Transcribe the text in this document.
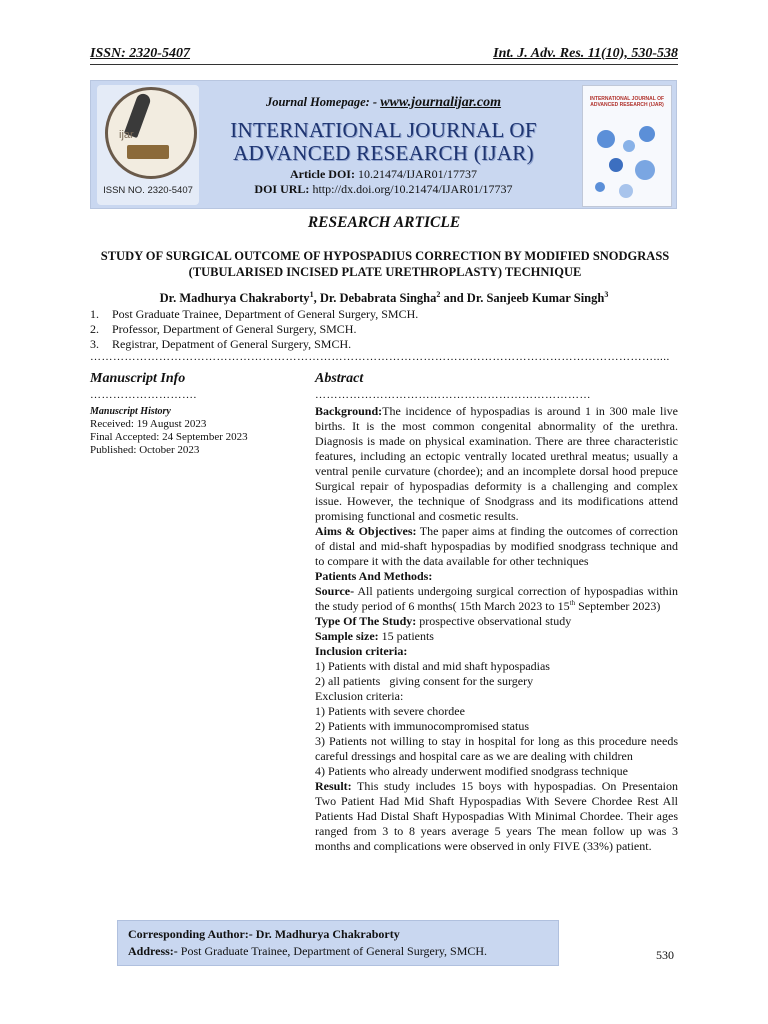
ISSN: 2320-5407	Int. J. Adv. Res. 11(10), 530-538
ijar
ISSN NO. 2320-5407
Journal Homepage: - www.journalijar.com
INTERNATIONAL JOURNAL OF
ADVANCED RESEARCH (IJAR)
Article DOI: 10.21474/IJAR01/17737
DOI URL: http://dx.doi.org/10.21474/IJAR01/17737
INTERNATIONAL JOURNAL OF ADVANCED RESEARCH (IJAR)
RESEARCH ARTICLE
STUDY OF SURGICAL OUTCOME OF HYPOSPADIUS CORRECTION BY MODIFIED SNODGRASS
(TUBULARISED INCISED PLATE URETHROPLASTY) TECHNIQUE
Dr. Madhurya Chakraborty$^1$, Dr. Debabrata Singha$^2$ and Dr. Sanjeeb Kumar Singh$^3$
1. Post Graduate Trainee, Department of General Surgery, SMCH.
2. Professor, Department of General Surgery, SMCH.
3. Registrar, Depatment of General Surgery, SMCH.
………………………………………………………………………………………………………………………………….....
Manuscript Info
……………………….
Manuscript History
Received: 19 August 2023
Final Accepted: 24 September 2023
Published: October 2023
Abstract
………………………………………………………………

Background:The incidence of hypospadias is around 1 in 300 male live births. It is the most common congenital abnormality of the urethra. Diagnosis is made on physical examination. There are three characteristic features, including an ectopic ventrally located urethral meatus; usually a ventral penile curvature (chordee); and an incomplete dorsal hood prepuce Surgical repair of hypospadias deformity is a challenging and complex issue. However, the technique of Snodgrass and its modifications attend promising functional and cosmetic results.

Aims & Objectives: The paper aims at finding the outcomes of correction of distal and mid-shaft hypospadias by modified snodgrass technique and to compare it with the data available for other techniques

Patients And Methods:

Source- All patients undergoing surgical correction of hypospadias within the study period of 6 months( 15th March 2023 to 15th September 2023)

Type Of The Study: prospective observational study

Sample size: 15 patients

Inclusion criteria:

1) Patients with distal and mid shaft hypospadias

2) all patients   giving consent for the surgery

Exclusion criteria:

1) Patients with severe chordee

2) Patients with immunocompromised status

3) Patients not willing to stay in hospital for long as this procedure needs careful dressings and hospital care as we are dealing with children

4) Patients who already underwent modified snodgrass technique

Result: This study includes 15 boys with hypospadias. On Presentaion Two Patient Had Mid Shaft Hypospadias With Severe Chordee Rest All Patients Had Distal Shaft Hypospadias With Minimal Chordee. Their ages ranged from 3 to 8 years average 5 years The mean follow up was 3 months and complications were observed in only FIVE (33%) patient.

Corresponding Author:- Dr. Madhurya Chakraborty
Address:- Post Graduate Trainee, Department of General Surgery, SMCH.	530
